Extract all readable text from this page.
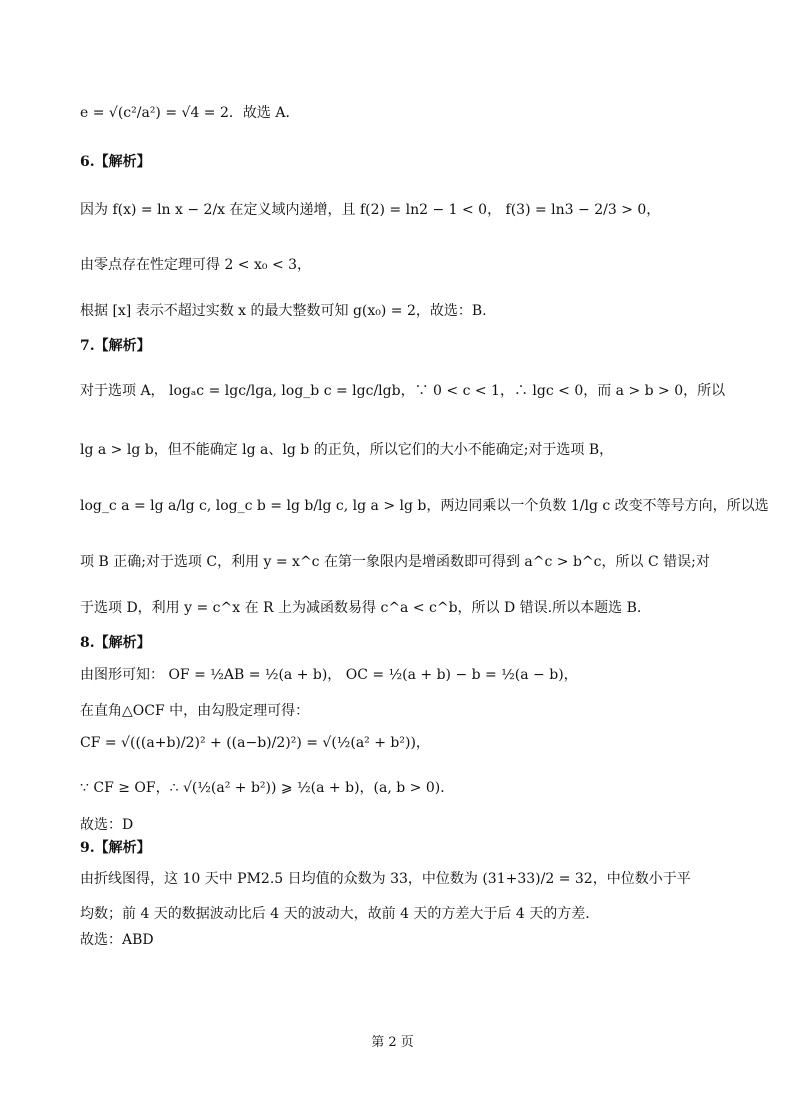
e = √(c²/a²) = √4 = 2．故选 A．
6.【解析】
因为 f(x) = ln x − 2/x 在定义域内递增，且 f(2) = ln2 − 1 < 0， f(3) = ln3 − 2/3 > 0，
由零点存在性定理可得 2 < x₀ < 3，
根据 [x] 表示不超过实数 x 的最大整数可知 g(x₀) = 2，故选：B.
7.【解析】
对于选项 A， logₐc = lgc/lga, log_b c = lgc/lgb，∵ 0 < c < 1，∴ lgc < 0，而 a > b > 0，所以
lg a > lg b，但不能确定 lg a、lg b 的正负，所以它们的大小不能确定;对于选项 B，
log_c a = lg a/lg c, log_c b = lg b/lg c, lg a > lg b，两边同乘以一个负数 1/lg c 改变不等号方向，所以选
项 B 正确;对于选项 C，利用 y = x^c 在第一象限内是增函数即可得到 a^c > b^c，所以 C 错误;对
于选项 D，利用 y = c^x 在 R 上为减函数易得 c^a < c^b，所以 D 错误.所以本题选 B.
8.【解析】
由图形可知： OF = ½AB = ½(a + b)， OC = ½(a + b) − b = ½(a − b)，
在直角△OCF 中，由勾股定理可得：
CF = √(((a+b)/2)² + ((a−b)/2)²) = √(½(a² + b²))，
∵ CF ≥ OF，∴ √(½(a² + b²)) ⩾ ½(a + b)，(a, b > 0)．
故选：D
9.【解析】
由折线图得，这 10 天中 PM2.5 日均值的众数为 33，中位数为 (31+33)/2 = 32，中位数小于平
均数；前 4 天的数据波动比后 4 天的波动大，故前 4 天的方差大于后 4 天的方差.
故选：ABD
第 2 页
